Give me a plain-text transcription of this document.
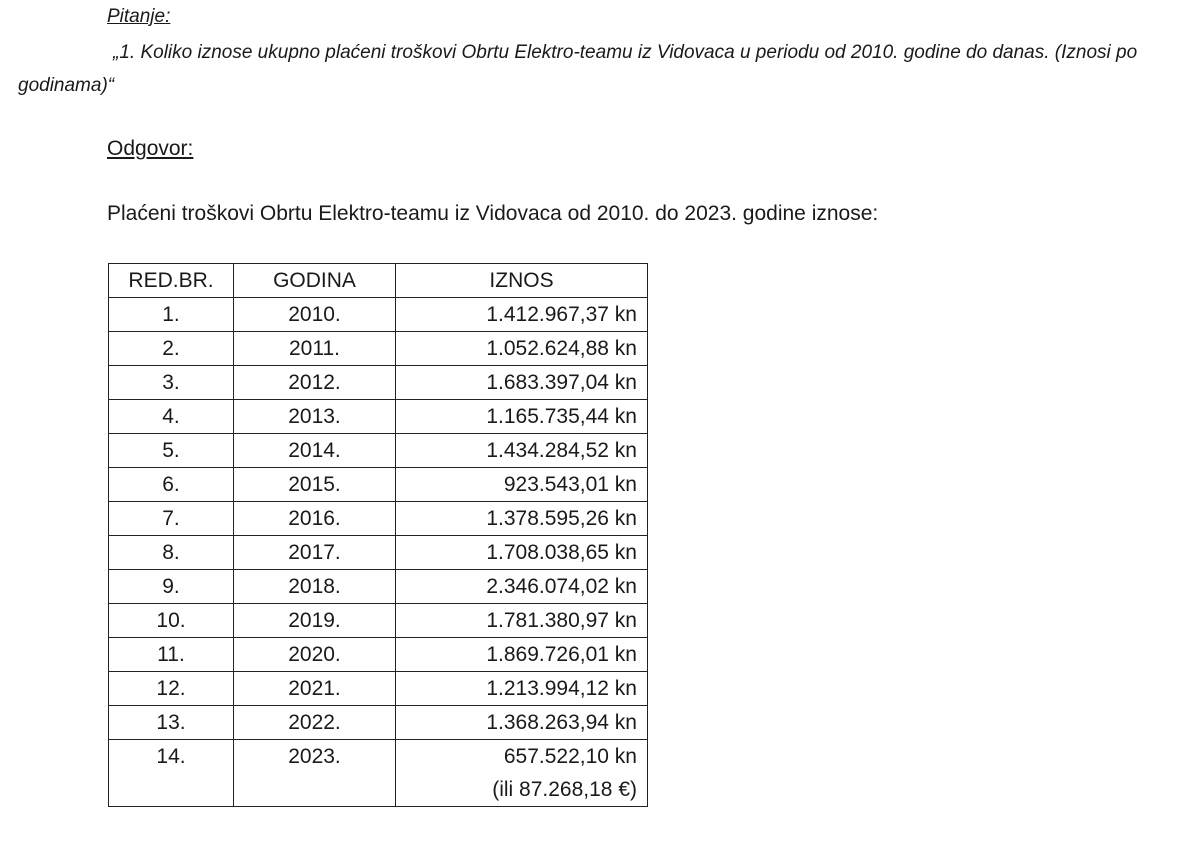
Pitanje:

„1. Koliko iznose ukupno plaćeni troškovi Obrtu Elektro-teamu iz Vidovaca u periodu od 2010. godine do danas. (Iznosi po godinama)“

Odgovor:

Plaćeni troškovi Obrtu Elektro-teamu iz Vidovaca od 2010. do 2023. godine iznose:

RED.BR.	GODINA	IZNOS
1.	2010.	1.412.967,37 kn
2.	2011.	1.052.624,88 kn
3.	2012.	1.683.397,04 kn
4.	2013.	1.165.735,44 kn
5.	2014.	1.434.284,52 kn
6.	2015.	923.543,01 kn
7.	2016.	1.378.595,26 kn
8.	2017.	1.708.038,65 kn
9.	2018.	2.346.074,02 kn
10.	2019.	1.781.380,97 kn
11.	2020.	1.869.726,01 kn
12.	2021.	1.213.994,12 kn
13.	2022.	1.368.263,94 kn
14.	2023.	657.522,10 kn
(ili 87.268,18 €)
